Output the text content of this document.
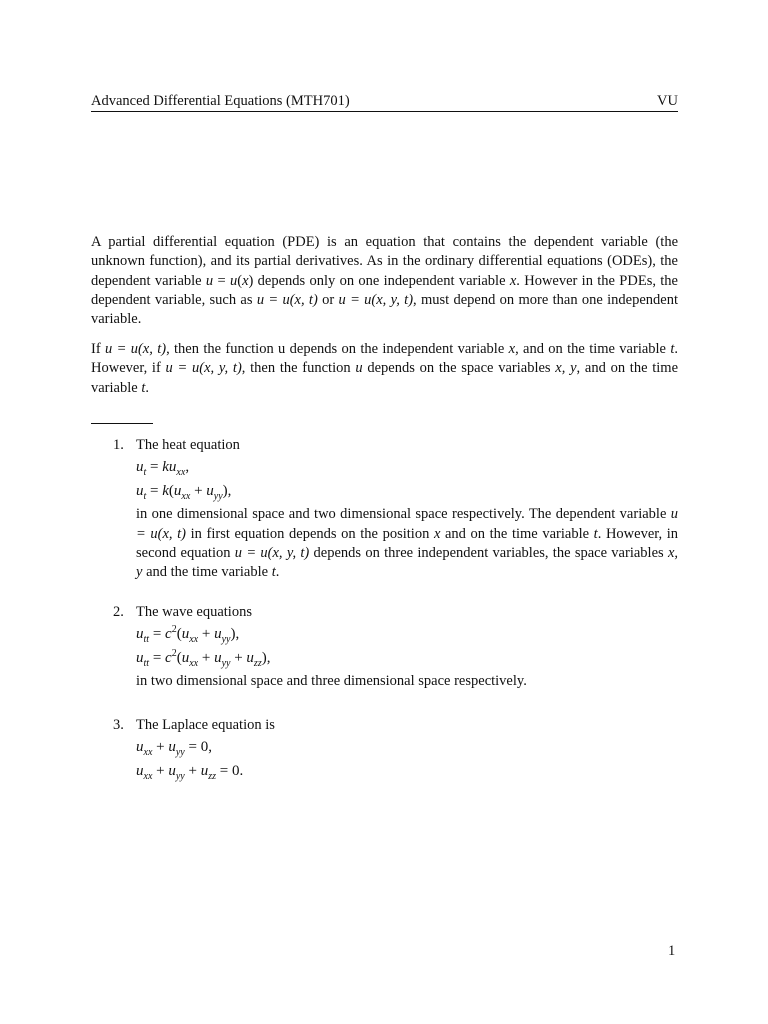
Advanced Differential Equations (MTH701)	VU

A partial differential equation (PDE) is an equation that contains the dependent variable (the unknown function), and its partial derivatives. As in the ordinary differential equations (ODEs), the dependent variable u = u(x) depends only on one independent variable x. However in the PDEs, the dependent variable, such as u = u(x, t) or u = u(x, y, t), must depend on more than one independent variable.

If u = u(x, t), then the function u depends on the independent variable x, and on the time variable t. However, if u = u(x, y, t), then the function u depends on the space variables x, y, and on the time variable t.

1. The heat equation
$u_t = ku_{xx}$,
$u_t = k(u_{xx} + u_{yy})$,
in one dimensional space and two dimensional space respectively. The dependent variable u = u(x, t) in first equation depends on the position x and on the time variable t. However, in second equation u = u(x, y, t) depends on three independent variables, the space variables x, y and the time variable t.
2. The wave equations
$u_{tt} = c^2(u_{xx} + u_{yy})$,
$u_{tt} = c^2(u_{xx} + u_{yy} + u_{zz})$,
in two dimensional space and three dimensional space respectively.
3. The Laplace equation is
$u_{xx} + u_{yy} = 0$,
$u_{xx} + u_{yy} + u_{zz} = 0$.
1
